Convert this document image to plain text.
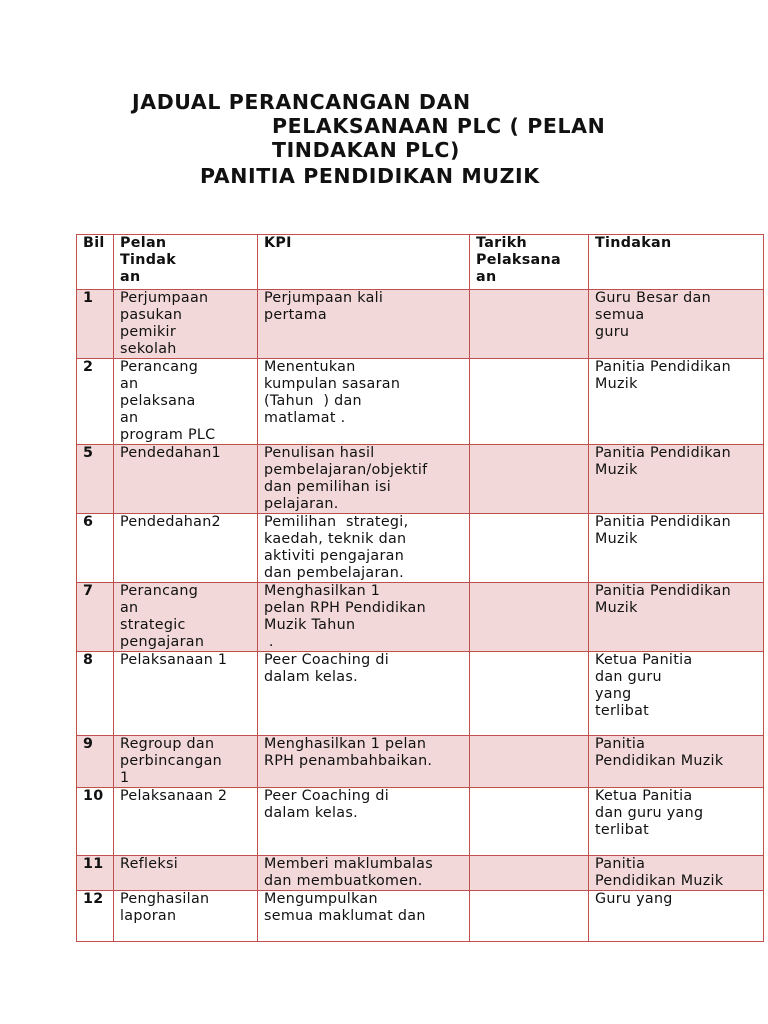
JADUAL PERANCANGAN DAN
PELAKSANAAN PLC ( PELAN
TINDAKAN PLC)
PANITIA PENDIDIKAN MUZIK
Bil	Pelan
Tindak
an	KPI	Tarikh
Pelaksana
an	Tindakan
1	Perjumpaan
pasukan
pemikir
sekolah	Perjumpaan kali
pertama		Guru Besar dan
semua
guru
2	Perancang
an
pelaksana
an
program PLC	Menentukan
kumpulan sasaran
(Tahun  ) dan
matlamat .		Panitia Pendidikan
Muzik
5	Pendedahan1	Penulisan hasil
pembelajaran/objektif
dan pemilihan isi
pelajaran.		Panitia Pendidikan
Muzik
6	Pendedahan2	Pemilihan  strategi,
kaedah, teknik dan
aktiviti pengajaran
dan pembelajaran.		Panitia Pendidikan
Muzik
7	Perancang
an
strategic
pengajaran	Menghasilkan 1
pelan RPH Pendidikan
Muzik Tahun
.		Panitia Pendidikan
Muzik
8	Pelaksanaan 1	Peer Coaching di
dalam kelas.		Ketua Panitia
dan guru
yang
terlibat
9	Regroup dan
perbincangan
1	Menghasilkan 1 pelan
RPH penambahbaikan.		Panitia
Pendidikan Muzik
10	Pelaksanaan 2	Peer Coaching di
dalam kelas.		Ketua Panitia
dan guru yang
terlibat
11	Refleksi	Memberi maklumbalas
dan membuatkomen.		Panitia
Pendidikan Muzik
12	Penghasilan
laporan	Mengumpulkan
semua maklumat dan		Guru yang
